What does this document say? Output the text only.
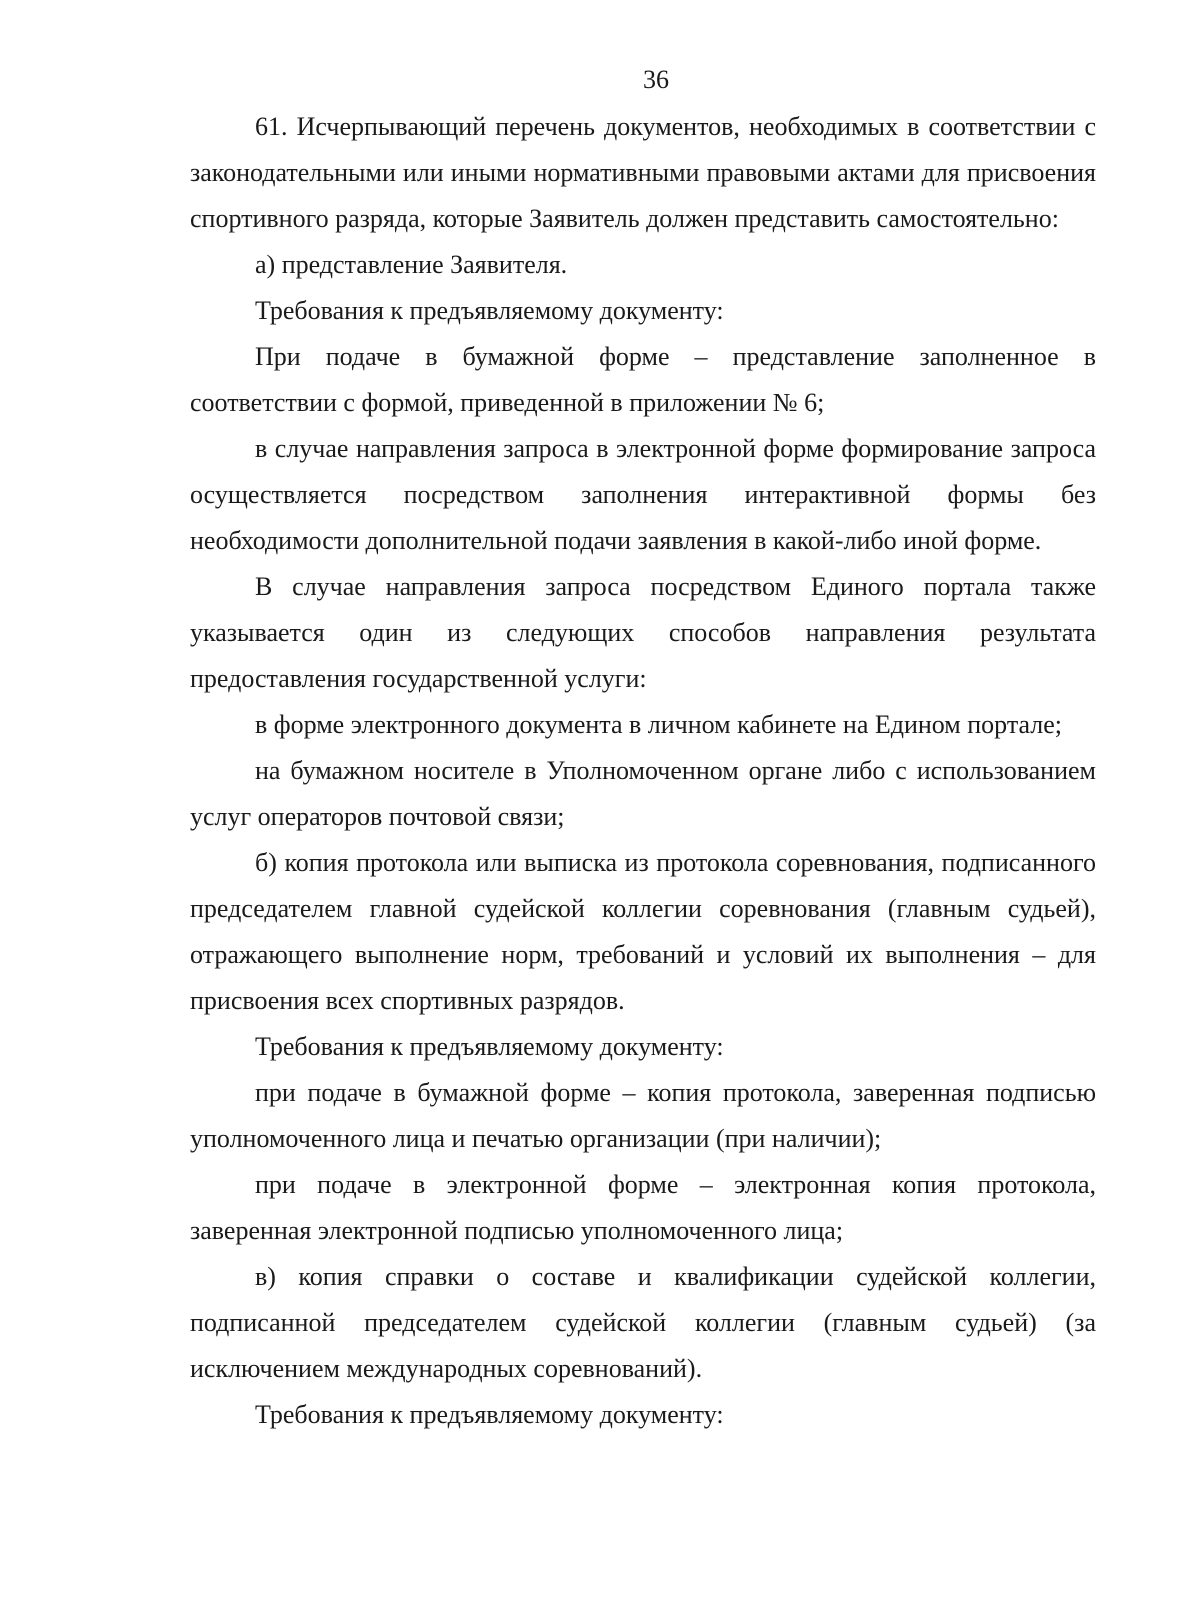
36

61. Исчерпывающий перечень документов, необходимых в соответствии с законодательными или иными нормативными правовыми актами для присвоения спортивного разряда, которые Заявитель должен представить самостоятельно:

а) представление Заявителя.

Требования к предъявляемому документу:

При подаче в бумажной форме – представление заполненное в соответствии с формой, приведенной в приложении № 6;

в случае направления запроса в электронной форме формирование запроса осуществляется посредством заполнения интерактивной формы без необходимости дополнительной подачи заявления в какой-либо иной форме.

В случае направления запроса посредством Единого портала также указывается один из следующих способов направления результата предоставления государственной услуги:

в форме электронного документа в личном кабинете на Едином портале;

на бумажном носителе в Уполномоченном органе либо с использованием услуг операторов почтовой связи;

б) копия протокола или выписка из протокола соревнования, подписанного председателем главной судейской коллегии соревнования (главным судьей), отражающего выполнение норм, требований и условий их выполнения – для присвоения всех спортивных разрядов.

Требования к предъявляемому документу:

при подаче в бумажной форме – копия протокола, заверенная подписью уполномоченного лица и печатью организации (при наличии);

при подаче в электронной форме – электронная копия протокола, заверенная электронной подписью уполномоченного лица;

в) копия справки о составе и квалификации судейской коллегии, подписанной председателем судейской коллегии (главным судьей) (за исключением международных соревнований).

Требования к предъявляемому документу:
